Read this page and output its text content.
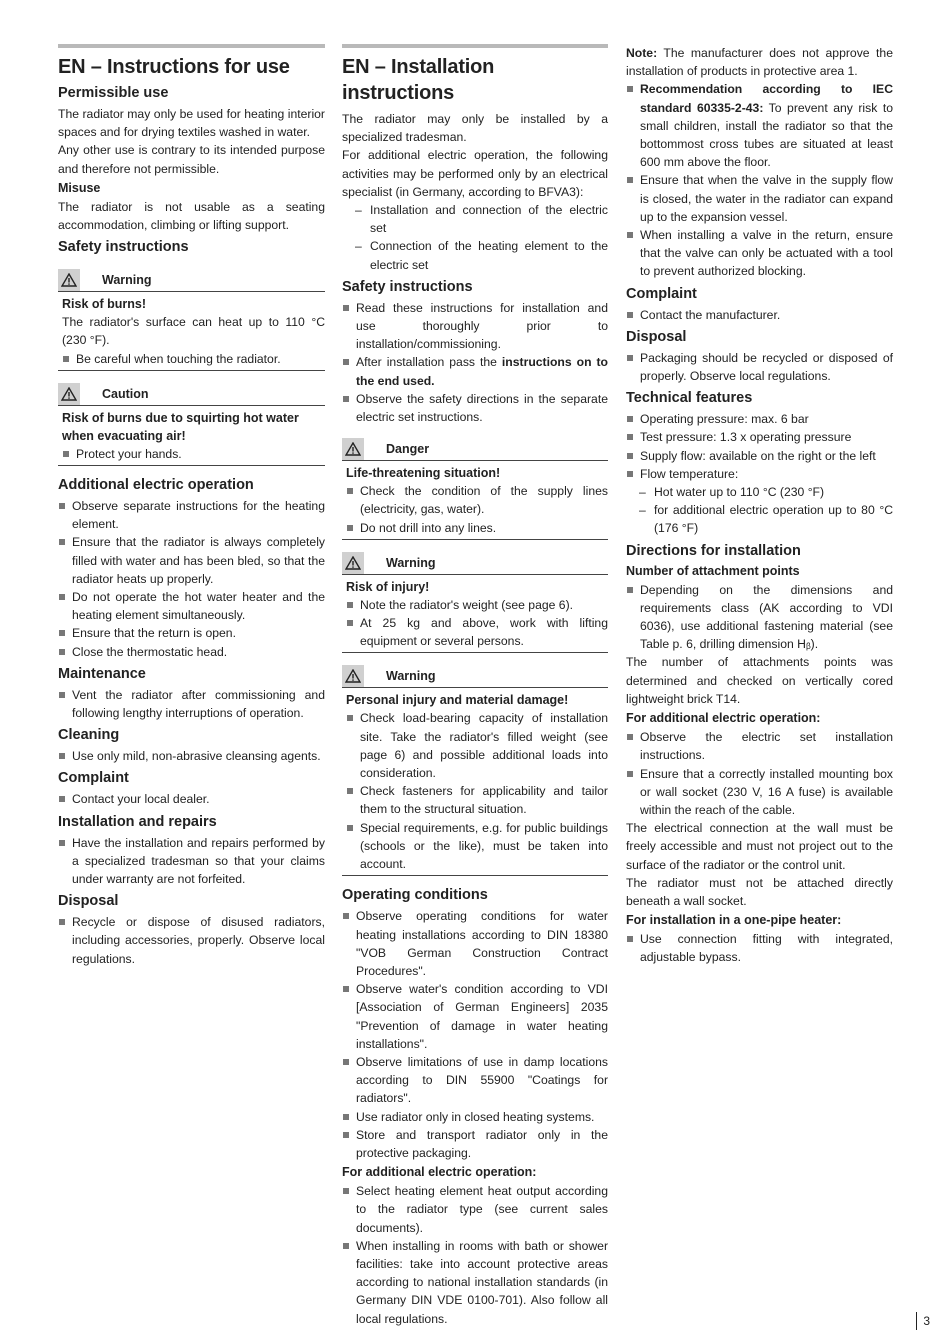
EN – Instructions for use
Permissible use

The radiator may only be used for heating interior spaces and for drying textiles washed in water.

Any other use is contrary to its intended purpose and therefore not permissible.

Misuse

The radiator is not usable as a seating accommodation, climbing or lifting support.

Safety instructions
Warning
Risk of burns!

The radiator's surface can heat up to 110 °C (230 °F).

Be careful when touching the radiator.
Caution
Risk of burns due to squirting hot water when evacuating air!
Protect your hands.
Additional electric operation
Observe separate instructions for the heating element.
Ensure that the radiator is always completely filled with water and has been bled, so that the radiator heats up properly.
Do not operate the hot water heater and the heating element simultaneously.
Ensure that the return is open.
Close the thermostatic head.
Maintenance
Vent the radiator after commissioning and following lengthy interruptions of operation.
Cleaning
Use only mild, non-abrasive cleansing agents.
Complaint
Contact your local dealer.
Installation and repairs
Have the installation and repairs performed by a specialized tradesman so that your claims under warranty are not forfeited.
Disposal
Recycle or dispose of disused radiators, including accessories, properly. Observe local regulations.
EN – Installation instructions

The radiator may only be installed by a specialized tradesman.

For additional electric operation, the following activities may be performed only by an electrical specialist (in Germany, according to BFVA3):

– Installation and connection of the electric set
– Connection of the heating element to the electric set
Safety instructions
Read these instructions for installation and use thoroughly prior to installation/commissioning.
After installation pass the instructions on to the end used.
Observe the safety directions in the separate electric set instructions.
Danger
Life-threatening situation!
Check the condition of the supply lines (electricity, gas, water).
Do not drill into any lines.
Warning
Risk of injury!
Note the radiator's weight (see page 6).
At 25 kg and above, work with lifting equipment or several persons.
Warning
Personal injury and material damage!
Check load-bearing capacity of installation site. Take the radiator's filled weight (see page 6) and possible additional loads into consideration.
Check fasteners for applicability and tailor them to the structural situation.
Special requirements, e.g. for public buildings (schools or the like), must be taken into account.
Operating conditions
Observe operating conditions for water heating installations according to DIN 18380 "VOB German Construction Contract Procedures".
Observe water's condition according to VDI [Association of German Engineers] 2035 "Prevention of damage in water heating installations".
Observe limitations of use in damp locations according to DIN 55900 "Coatings for radiators".
Use radiator only in closed heating systems.
Store and transport radiator only in the protective packaging.
For additional electric operation:
Select heating element heat output according to the radiator type (see current sales documents).
When installing in rooms with bath or shower facilities: take into account protective areas according to national installation standards (in Germany DIN VDE 0100-701). Also follow all local regulations.

Note: The manufacturer does not approve the installation of products in protective area 1.

Recommendation according to IEC standard 60335-2-43: To prevent any risk to small children, install the radiator so that the bottommost cross tubes are situated at least 600 mm above the floor.
Ensure that when the valve in the supply flow is closed, the water in the radiator can expand up to the expansion vessel.
When installing a valve in the return, ensure that the valve can only be actuated with a tool to prevent authorized blocking.
Complaint
Contact the manufacturer.
Disposal
Packaging should be recycled or disposed of properly. Observe local regulations.
Technical features
Operating pressure: max. 6 bar
Test pressure: 1.3 x operating pressure
Supply flow: available on the right or the left
Flow temperature:
– Hot water up to 110 °C (230 °F)
– for additional electric operation up to 80 °C (176 °F)
Directions for installation
Number of attachment points
Depending on the dimensions and requirements class (AK according to VDI 6036), use additional fastening material (see Table p. 6, drilling dimension Hᵦ).

The number of attachments points was determined and checked on vertically cored lightweight brick T14.

For additional electric operation:
Observe the electric set installation instructions.
Ensure that a correctly installed mounting box or wall socket (230 V, 16 A fuse) is available within the reach of the cable.

The electrical connection at the wall must be freely accessible and must not project out to the surface of the radiator or the control unit.

The radiator must not be attached directly beneath a wall socket.

For installation in a one-pipe heater:
Use connection fitting with integrated, adjustable bypass.
3
